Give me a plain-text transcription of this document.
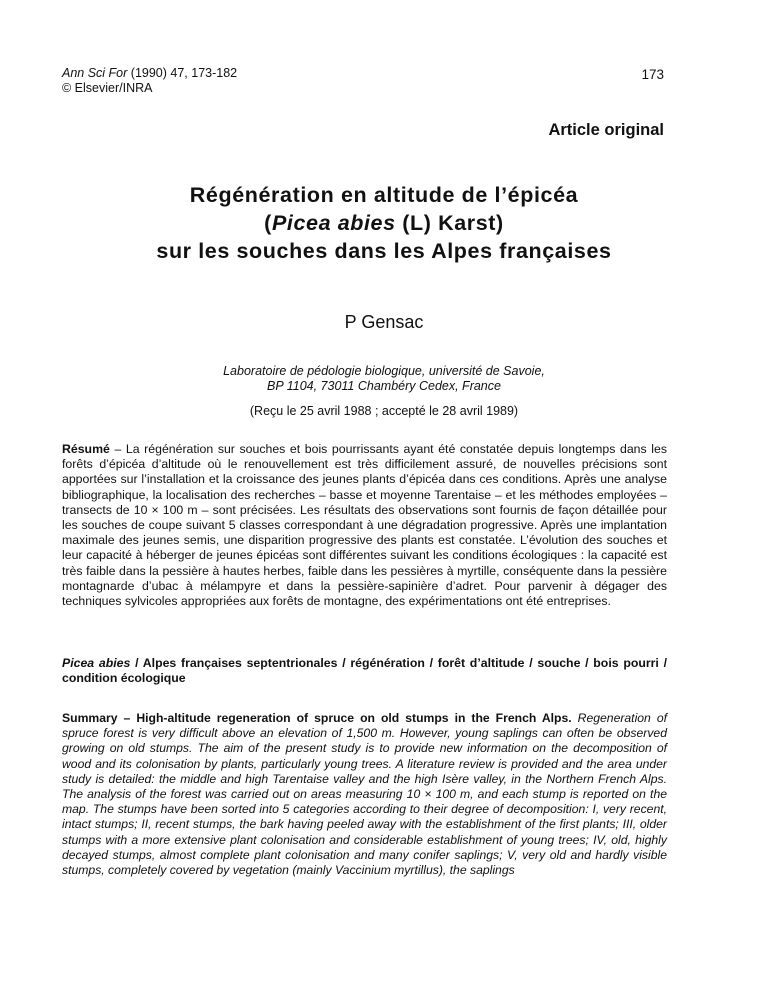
Ann Sci For (1990) 47, 173-182
© Elsevier/INRA
173
Article original
Régénération en altitude de l’épicéa
(Picea abies (L) Karst)
sur les souches dans les Alpes françaises
P Gensac
Laboratoire de pédologie biologique, université de Savoie,
BP 1104, 73011 Chambéry Cedex, France
(Reçu le 25 avril 1988 ; accepté le 28 avril 1989)
Résumé – La régénération sur souches et bois pourrissants ayant été constatée depuis longtemps dans les forêts d’épicéa d’altitude où le renouvellement est très difficilement assuré, de nouvelles précisions sont apportées sur l’installation et la croissance des jeunes plants d’épicéa dans ces conditions. Après une analyse bibliographique, la localisation des recherches – basse et moyenne Tarentaise – et les méthodes employées – transects de 10 × 100 m – sont précisées. Les résultats des observations sont fournis de façon détaillée pour les souches de coupe suivant 5 classes correspondant à une dégradation progressive. Après une implantation maximale des jeunes semis, une disparition progressive des plants est constatée. L’évolution des souches et leur capacité à héberger de jeunes épicéas sont différentes suivant les conditions écologiques : la capacité est très faible dans la pessière à hautes herbes, faible dans les pessières à myrtille, conséquente dans la pessière montagnarde d’ubac à mélampyre et dans la pessière-sapinière d’adret. Pour parvenir à dégager des techniques sylvicoles appropriées aux forêts de montagne, des expérimentations ont été entreprises.
Picea abies / Alpes françaises septentrionales / régénération / forêt d’altitude / souche / bois pourri / condition écologique
Summary – High-altitude regeneration of spruce on old stumps in the French Alps. Regeneration of spruce forest is very difficult above an elevation of 1,500 m. However, young saplings can often be observed growing on old stumps. The aim of the present study is to provide new information on the decomposition of wood and its colonisation by plants, particularly young trees. A literature review is provided and the area under study is detailed: the middle and high Tarentaise valley and the high Isère valley, in the Northern French Alps. The analysis of the forest was carried out on areas measuring 10 × 100 m, and each stump is reported on the map. The stumps have been sorted into 5 categories according to their degree of decomposition: I, very recent, intact stumps; II, recent stumps, the bark having peeled away with the establishment of the first plants; III, older stumps with a more extensive plant colonisation and considerable establishment of young trees; IV, old, highly decayed stumps, almost complete plant colonisation and many conifer saplings; V, very old and hardly visible stumps, completely covered by vegetation (mainly Vaccinium myrtillus), the saplings
